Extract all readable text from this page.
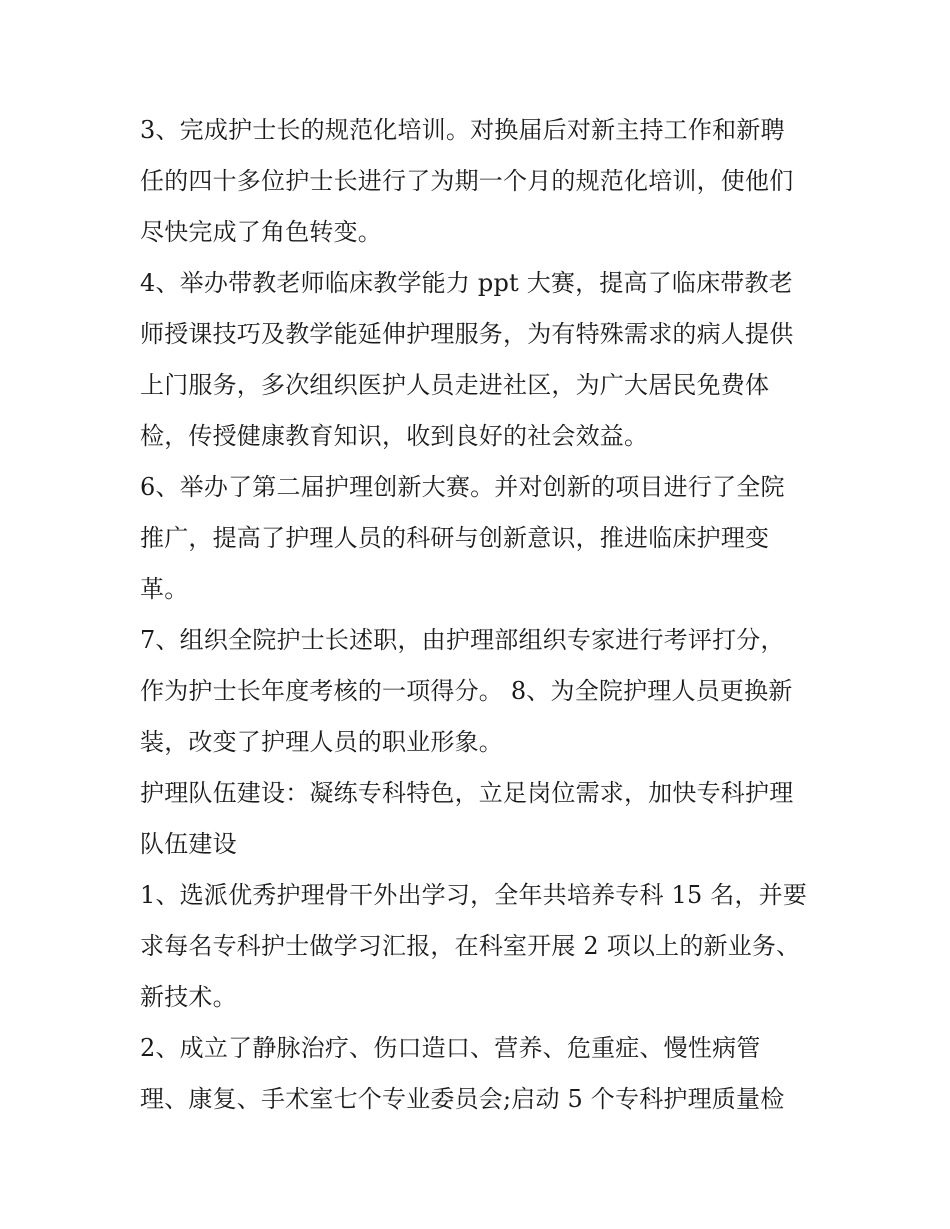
3、完成护士长的规范化培训。对换届后对新主持工作和新聘
任的四十多位护士长进行了为期一个月的规范化培训，使他们
尽快完成了角色转变。
4、举办带教老师临床教学能力 ppt 大赛，提高了临床带教老
师授课技巧及教学能延伸护理服务，为有特殊需求的病人提供
上门服务，多次组织医护人员走进社区，为广大居民免费体
检，传授健康教育知识，收到良好的社会效益。
6、举办了第二届护理创新大赛。并对创新的项目进行了全院
推广，提高了护理人员的科研与创新意识，推进临床护理变
革。
7、组织全院护士长述职，由护理部组织专家进行考评打分，
作为护士长年度考核的一项得分。 8、为全院护理人员更换新
装，改变了护理人员的职业形象。
护理队伍建设：凝练专科特色，立足岗位需求，加快专科护理
队伍建设
1、选派优秀护理骨干外出学习，全年共培养专科 15 名，并要
求每名专科护士做学习汇报，在科室开展 2 项以上的新业务、
新技术。
2、成立了静脉治疗、伤口造口、营养、危重症、慢性病管
理、康复、手术室七个专业委员会;启动 5 个专科护理质量检
